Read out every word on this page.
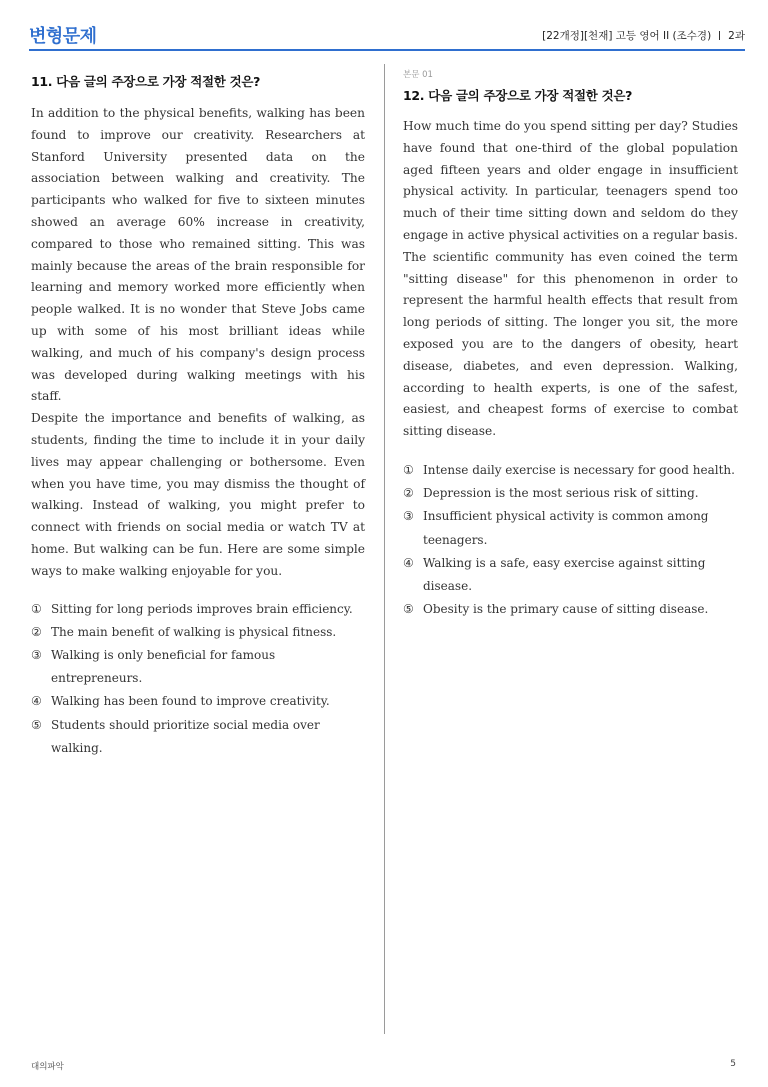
변형문제	[22개정][천재] 고등 영어 II (조수경) 2과
11. 다음 글의 주장으로 가장 적절한 것은?

In addition to the physical benefits, walking has been found to improve our creativity. Researchers at Stanford University presented data on the association between walking and creativity. The participants who walked for five to sixteen minutes showed an average 60% increase in creativity, compared to those who remained sitting. This was mainly because the areas of the brain responsible for learning and memory worked more efficiently when people walked. It is no wonder that Steve Jobs came up with some of his most brilliant ideas while walking, and much of his company's design process was developed during walking meetings with his staff.

Despite the importance and benefits of walking, as students, finding the time to include it in your daily lives may appear challenging or bothersome. Even when you have time, you may dismiss the thought of walking. Instead of walking, you might prefer to connect with friends on social media or watch TV at home. But walking can be fun. Here are some simple ways to make walking enjoyable for you.

① Sitting for long periods improves brain efficiency.
② The main benefit of walking is physical fitness.
③ Walking is only beneficial for famous entrepreneurs.
④ Walking has been found to improve creativity.
⑤ Students should prioritize social media over walking.
본문 01
12. 다음 글의 주장으로 가장 적절한 것은?

How much time do you spend sitting per day? Studies have found that one-third of the global population aged fifteen years and older engage in insufficient physical activity. In particular, teenagers spend too much of their time sitting down and seldom do they engage in active physical activities on a regular basis.

The scientific community has even coined the term "sitting disease" for this phenomenon in order to represent the harmful health effects that result from long periods of sitting. The longer you sit, the more exposed you are to the dangers of obesity, heart disease, diabetes, and even depression. Walking, according to health experts, is one of the safest, easiest, and cheapest forms of exercise to combat sitting disease.

① Intense daily exercise is necessary for good health.
② Depression is the most serious risk of sitting.
③ Insufficient physical activity is common among teenagers.
④ Walking is a safe, easy exercise against sitting disease.
⑤ Obesity is the primary cause of sitting disease.
대의파악	5
